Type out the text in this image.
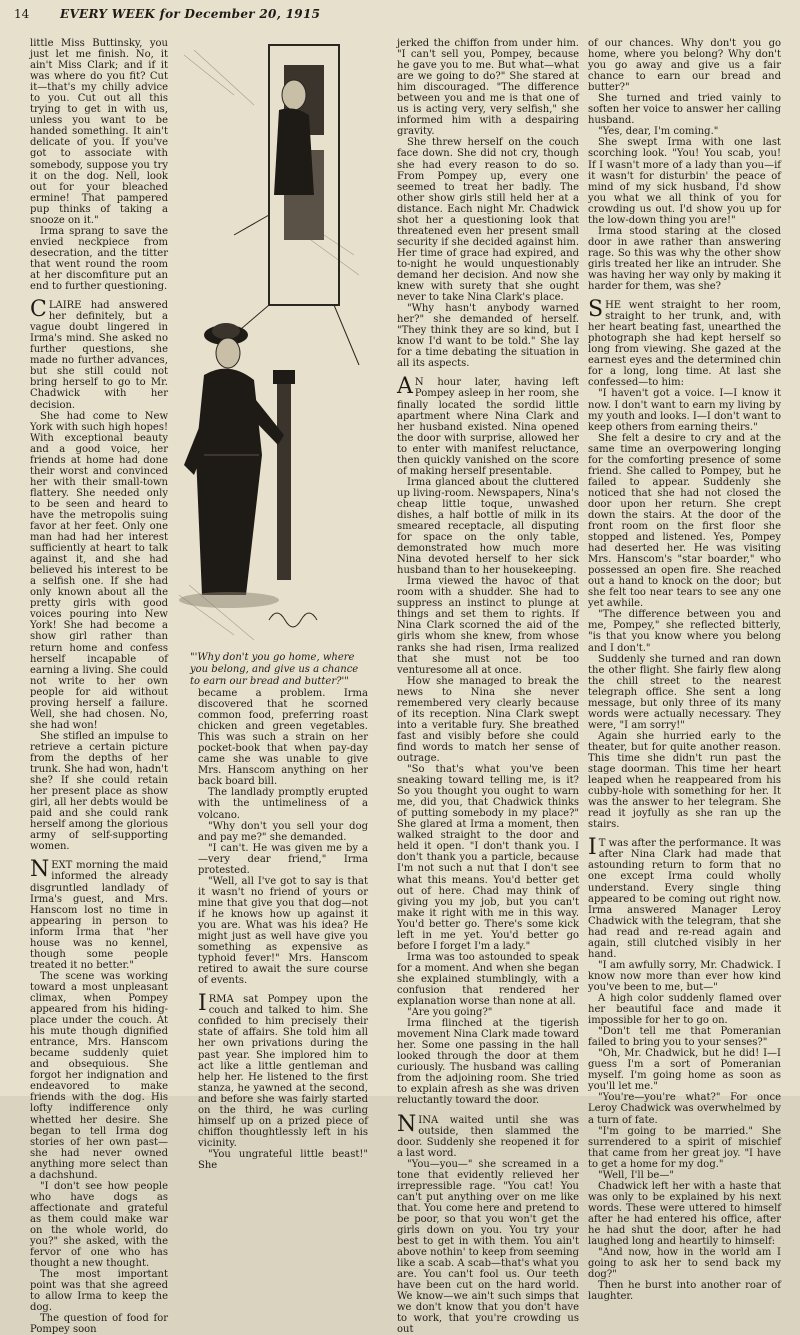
14	EVERY WEEK for December 20, 1915

little Miss Buttinsky, you just let me finish. No, it ain't Miss Clark; and if it was where do you fit? Cut it—that's my chilly advice to you. Cut out all this trying to get in with us, unless you want to be handed something. It ain't delicate of you. If you've got to associate with somebody, suppose you try it on the dog. Nell, look out for your bleached ermine! That pampered pup thinks of taking a snooze on it."

Irma sprang to save the envied neckpiece from desecration, and the titter that went round the room at her discomfiture put an end to further questioning.

CLAIRE had answered her definitely, but a vague doubt lingered in Irma's mind. She asked no further questions, she made no further advances, but she still could not bring herself to go to Mr. Chadwick with her decision.

She had come to New York with such high hopes! With exceptional beauty and a good voice, her friends at home had done their worst and convinced her with their small-town flattery. She needed only to be seen and heard to have the metropolis suing favor at her feet. Only one man had had her interest sufficiently at heart to talk against it, and she had believed his interest to be a selfish one. If she had only known about all the pretty girls with good voices pouring into New York! She had become a show girl rather than return home and confess herself incapable of earning a living. She could not write to her own people for aid without proving herself a failure. Well, she had chosen. No, she had won!

She stifled an impulse to retrieve a certain picture from the depths of her trunk. She had won, hadn't she? If she could retain her present place as show girl, all her debts would be paid and she could rank herself among the glorious army of self-supporting women.

NEXT morning the maid informed the already disgruntled landlady of Irma's guest, and Mrs. Hanscom lost no time in appearing in person to inform Irma that "her house was no kennel, though some people treated it no better."

The scene was working toward a most unpleasant climax, when Pompey appeared from his hiding-place under the couch. At his mute though dignified entrance, Mrs. Hanscom became suddenly quiet and obsequious. She forgot her indignation and endeavored to make friends with the dog. His lofty indifference only whetted her desire. She began to tell Irma dog stories of her own past—she had never owned anything more select than a dachshund.

"I don't see how people who have dogs as affectionate and grateful as them could make war on the whole world, do you?" she asked, with the fervor of one who has thought a new thought.

The most important point was that she agreed to allow Irma to keep the dog.

The question of food for Pompey soon

became a problem. Irma discovered that he scorned common food, preferring roast chicken and green vegetables. This was such a strain on her pocket-book that when pay-day came she was unable to give Mrs. Hanscom anything on her back board bill.

The landlady promptly erupted with the untimeliness of a volcano.

"Why don't you sell your dog and pay me?" she demanded.

"I can't. He was given me by a—very dear friend," Irma protested.

"Well, all I've got to say is that it wasn't no friend of yours or mine that give you that dog—not if he knows how up against it you are. What was his idea? He might just as well have give you something as expensive as typhoid fever!" Mrs. Hanscom retired to await the sure course of events.

IRMA sat Pompey upon the couch and talked to him. She confided to him precisely their state of affairs. She told him all her own privations during the past year. She implored him to act like a little gentleman and help her. He listened to the first stanza, he yawned at the second, and before she was fairly started on the third, he was curling himself up on a prized piece of chiffon thoughtlessly left in his vicinity.

"You ungrateful little beast!" She

jerked the chiffon from under him. "I can't sell you, Pompey, because he gave you to me. But what—what are we going to do?" She stared at him discouraged. "The difference between you and me is that one of us is acting very, very selfish," she informed him with a despairing gravity.

She threw herself on the couch face down. She did not cry, though she had every reason to do so. From Pompey up, every one seemed to treat her badly. The other show girls still held her at a distance. Each night Mr. Chadwick shot her a questioning look that threatened even her present small security if she decided against him. Her time of grace had expired, and to-night he would unquestionably demand her decision. And now she knew with surety that she ought never to take Nina Clark's place.

"Why hasn't anybody warned her?" she demanded of herself. "They think they are so kind, but I know I'd want to be told." She lay for a time debating the situation in all its aspects.

A N hour later, having left Pompey asleep in her room, she finally located the sordid little apartment where Nina Clark and her husband existed. Nina opened the door with surprise, allowed her to enter with manifest reluctance, then quickly vanished on the score of making herself presentable.

Irma glanced about the cluttered up living-room. Newspapers, Nina's cheap little toque, unwashed dishes, a half bottle of milk in its smeared receptacle, all disputing for space on the only table, demonstrated how much more Nina devoted herself to her sick husband than to her housekeeping.

Irma viewed the havoc of that room with a shudder. She had to suppress an instinct to plunge at things and set them to rights. If Nina Clark scorned the aid of the girls whom she knew, from whose ranks she had risen, Irma realized that she must not be too venturesome all at once.

How she managed to break the news to Nina she never remembered very clearly because of its reception. Nina Clark swept into a veritable fury. She breathed fast and visibly before she could find words to match her sense of outrage.

"So that's what you've been sneaking toward telling me, is it? So you thought you ought to warn me, did you, that Chadwick thinks of putting somebody in my place?" She glared at Irma a moment, then walked straight to the door and held it open. "I don't thank you. I don't thank you a particle, because I'm not such a nut that I don't see what this means. You'd better get out of here. Chad may think of giving you my job, but you can't make it right with me in this way. You'd better go. There's some kick left in me yet. You'd better go before I forget I'm a lady."

Irma was too astounded to speak for a moment. And when she began she explained stumblingly, with a confusion that rendered her explanation worse than none at all.

"Are you going?"

Irma flinched at the tigerish movement Nina Clark made toward her. Some one passing in the hall looked through the door at them curiously. The husband was calling from the adjoining room. She tried to explain afresh as she was driven reluctantly toward the door.

NINA waited until she was outside, then slammed the door. Suddenly she reopened it for a last word.

"You—you—" she screamed in a tone that evidently relieved her irrepressible rage. "You cat! You can't put anything over on me like that. You come here and pretend to be poor, so that you won't get the girls down on you. You try your best to get in with them. You ain't above nothin' to keep from seeming like a scab. A scab—that's what you are. You can't fool us. Our teeth have been cut on the hard world. We know—we ain't such simps that we don't know that you don't have to work, that you're crowding us out

of our chances. Why don't you go home, where you belong? Why don't you go away and give us a fair chance to earn our bread and butter?"

She turned and tried vainly to soften her voice to answer her calling husband.

"Yes, dear, I'm coming."

She swept Irma with one last scorching look. "You! You scab, you! If I wasn't more of a lady than you—if it wasn't for disturbin' the peace of mind of my sick husband, I'd show you what we all think of you for crowding us out. I'd show you up for the low-down thing you are!"

Irma stood staring at the closed door in awe rather than answering rage. So this was why the other show girls treated her like an intruder. She was having her way only by making it harder for them, was she?

SHE went straight to her room, straight to her trunk, and, with her heart beating fast, unearthed the photograph she had kept herself so long from viewing. She gazed at the earnest eyes and the determined chin for a long, long time. At last she confessed—to him:

"I haven't got a voice. I—I know it now. I don't want to earn my living by my youth and looks. I—I don't want to keep others from earning theirs."

She felt a desire to cry and at the same time an overpowering longing for the comforting presence of some friend. She called to Pompey, but he failed to appear. Suddenly she noticed that she had not closed the door upon her return. She crept down the stairs. At the door of the front room on the first floor she stopped and listened. Yes, Pompey had deserted her. He was visiting Mrs. Hanscom's "star boarder," who possessed an open fire. She reached out a hand to knock on the door; but she felt too near tears to see any one yet awhile.

"The difference between you and me, Pompey," she reflected bitterly, "is that you know where you belong and I don't."

Suddenly she turned and ran down the other flight. She fairly flew along the chill street to the nearest telegraph office. She sent a long message, but only three of its many words were actually necessary. They were, "I am sorry!"

Again she hurried early to the theater, but for quite another reason. This time she didn't run past the stage doorman. This time her heart leaped when he reappeared from his cubby-hole with something for her. It was the answer to her telegram. She read it joyfully as she ran up the stairs.

I T was after the performance. It was after Nina Clark had made that astounding return to form that no one except Irma could wholly understand. Every single thing appeared to be coming out right now. Irma answered Manager Leroy Chadwick with the telegram, that she had read and re-read again and again, still clutched visibly in her hand.

"I am awfully sorry, Mr. Chadwick. I know now more than ever how kind you've been to me, but—"

A high color suddenly flamed over her beautiful face and made it impossible for her to go on.

"Don't tell me that Pomeranian failed to bring you to your senses?"

"Oh, Mr. Chadwick, but he did! I—I guess I'm a sort of Pomeranian myself. I'm going home as soon as you'll let me."

"You're—you're what?" For once Leroy Chadwick was overwhelmed by a turn of fate.

"I'm going to be married." She surrendered to a spirit of mischief that came from her great joy. "I have to get a home for my dog."

"Well, I'll be—"

Chadwick left her with a haste that was only to be explained by his next words. These were uttered to himself after he had entered his office, after he had shut the door, after he had laughed long and heartily to himself:

"And now, how in the world am I going to ask her to send back my dog?"

Then he burst into another roar of laughter.

"'Why don't you go home, where you belong, and give us a chance to earn our bread and butter?'"
